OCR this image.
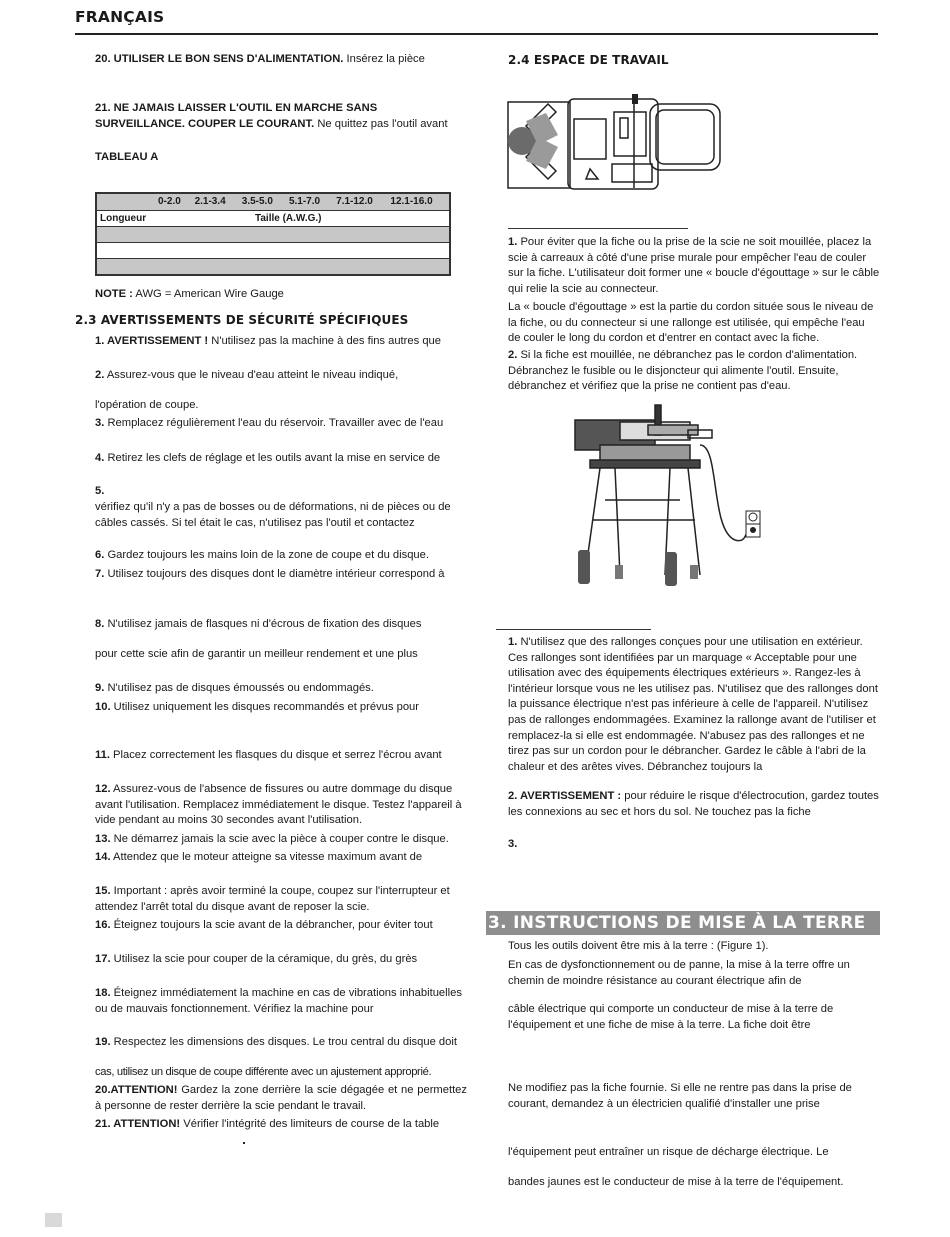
FRANÇAIS

20. UTILISER LE BON SENS D'ALIMENTATION. Insérez la pièce

21. NE JAMAIS LAISSER L'OUTIL EN MARCHE SANS SURVEILLANCE. COUPER LE COURANT. Ne quittez pas l'outil avant

TABLEAU A

	0-2.0	2.1-3.4	3.5-5.0	5.1-7.0	7.1-12.0	12.1-16.0
Longueur	Taille (A.W.G.)					

NOTE : AWG = American Wire Gauge

2.3 AVERTISSEMENTS DE SÉCURITÉ SPÉCIFIQUES

1. AVERTISSEMENT ! N'utilisez pas la machine à des fins autres que

2. Assurez-vous que le niveau d'eau atteint le niveau indiqué,

l'opération de coupe.

3. Remplacez régulièrement l'eau du réservoir. Travailler avec de l'eau

4. Retirez les clefs de réglage et les outils avant la mise en service de

5.

vérifiez qu'il n'y a pas de bosses ou de déformations, ni de pièces ou de câbles cassés. Si tel était le cas, n'utilisez pas l'outil et contactez

6. Gardez toujours les mains loin de la zone de coupe et du disque.

7. Utilisez toujours des disques dont le diamètre intérieur correspond à

8. N'utilisez jamais de flasques ni d'écrous de fixation des disques

pour cette scie afin de garantir un meilleur rendement et une plus

9. N'utilisez pas de disques émoussés ou endommagés.

10. Utilisez uniquement les disques recommandés et prévus pour

11. Placez correctement les flasques du disque et serrez l'écrou avant

12. Assurez-vous de l'absence de fissures ou autre dommage du disque avant l'utilisation. Remplacez immédiatement le disque. Testez l'appareil à vide pendant au moins 30 secondes avant l'utilisation.

13. Ne démarrez jamais la scie avec la pièce à couper contre le disque.

14. Attendez que le moteur atteigne sa vitesse maximum avant de

15. Important : après avoir terminé la coupe, coupez sur l'interrupteur et attendez l'arrêt total du disque avant de reposer la scie.

16. Éteignez toujours la scie avant de la débrancher, pour éviter tout

17. Utilisez la scie pour couper de la céramique, du grès, du grès

18. Éteignez immédiatement la machine en cas de vibrations inhabituelles ou de mauvais fonctionnement. Vérifiez la machine pour

19. Respectez les dimensions des disques. Le trou central du disque doit

cas, utilisez un disque de coupe différente avec un ajustement approprié.

20.ATTENTION! Gardez la zone derrière la scie dégagée et ne permettez à personne de rester derrière la scie pendant le travail.

21. ATTENTION! Vérifier l'intégrité des limiteurs de course de la table

2.4 ESPACE DE TRAVAIL

1. Pour éviter que la fiche ou la prise de la scie ne soit mouillée, placez la scie à carreaux à côté d'une prise murale pour empêcher l'eau de couler sur la fiche. L'utilisateur doit former une « boucle d'égouttage » sur le câble qui relie la scie au connecteur.

La « boucle d'égouttage » est la partie du cordon située sous le niveau de la fiche, ou du connecteur si une rallonge est utilisée, qui empêche l'eau de couler le long du cordon et d'entrer en contact avec la fiche.

2. Si la fiche est mouillée, ne débranchez pas le cordon d'alimentation. Débranchez le fusible ou le disjoncteur qui alimente l'outil. Ensuite, débranchez et vérifiez que la prise ne contient pas d'eau.

1. N'utilisez que des rallonges conçues pour une utilisation en extérieur. Ces rallonges sont identifiées par un marquage « Acceptable pour une utilisation avec des équipements électriques extérieurs ». Rangez-les à l'intérieur lorsque vous ne les utilisez pas. N'utilisez que des rallonges dont la puissance électrique n'est pas inférieure à celle de l'appareil. N'utilisez pas de rallonges endommagées. Examinez la rallonge avant de l'utiliser et remplacez-la si elle est endommagée. N'abusez pas des rallonges et ne tirez pas sur un cordon pour le débrancher. Gardez le câble à l'abri de la chaleur et des arêtes vives. Débranchez toujours la

2. AVERTISSEMENT : pour réduire le risque d'électrocution, gardez toutes les connexions au sec et hors du sol. Ne touchez pas la fiche

3.

3. INSTRUCTIONS DE MISE À LA TERRE

Tous les outils doivent être mis à la terre : (Figure 1).

En cas de dysfonctionnement ou de panne, la mise à la terre offre un chemin de moindre résistance au courant électrique afin de

câble électrique qui comporte un conducteur de mise à la terre de l'équipement et une fiche de mise à la terre. La fiche doit être

Ne modifiez pas la fiche fournie. Si elle ne rentre pas dans la prise de courant, demandez à un électricien qualifié d'installer une prise

l'équipement peut entraîner un risque de décharge électrique. Le

bandes jaunes est le conducteur de mise à la terre de l'équipement.
